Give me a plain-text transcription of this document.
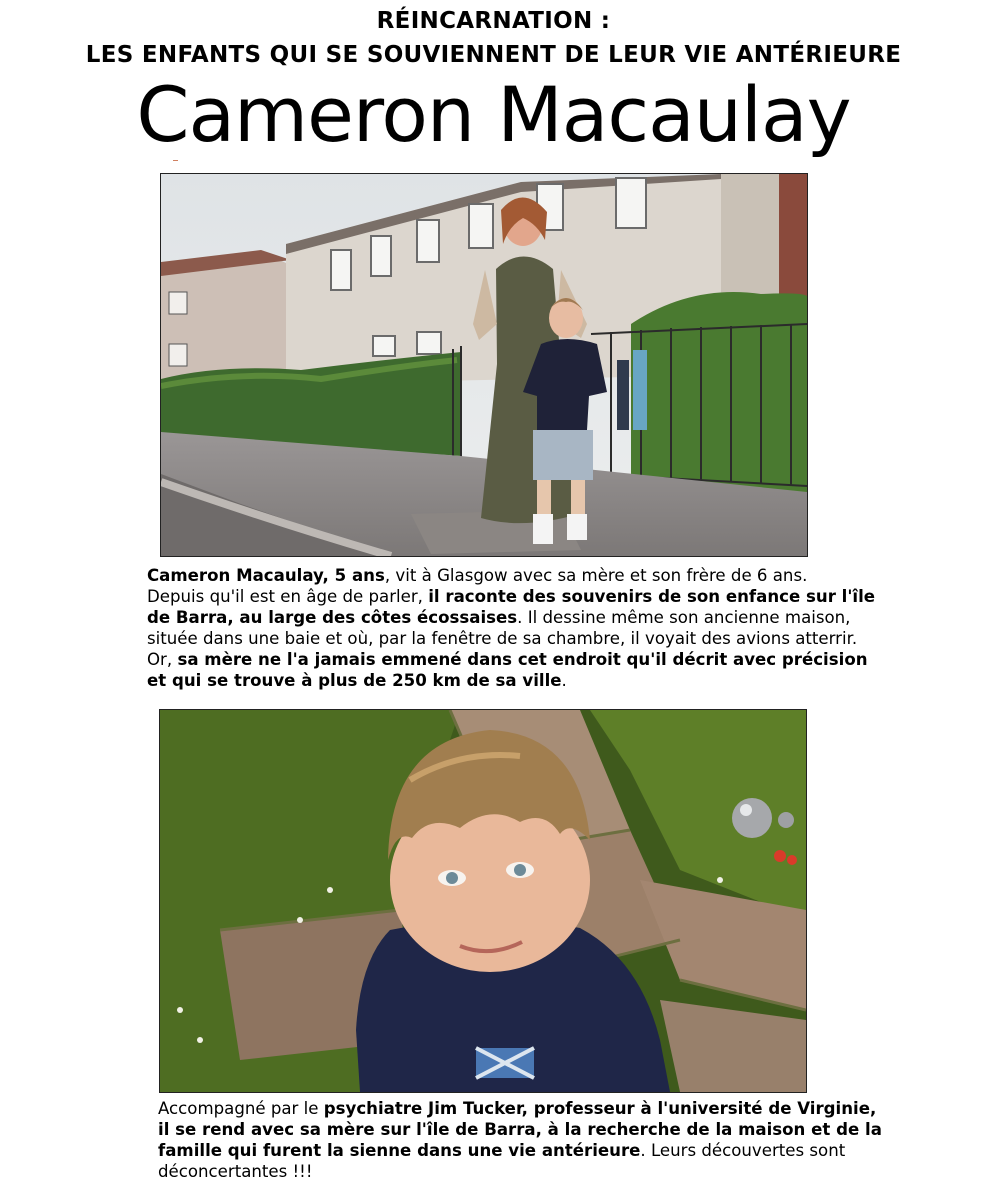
RÉINCARNATION :
LES ENFANTS QUI SE SOUVIENNENT DE LEUR VIE ANTÉRIEURE
Cameron Macaulay
Cameron Macaulay, 5 ans, vit à Glasgow avec sa mère et son frère de 6 ans.
Depuis qu'il est en âge de parler, il raconte des souvenirs de son enfance sur l'île
de Barra, au large des côtes écossaises. Il dessine même son ancienne maison,
située dans une baie et où, par la fenêtre de sa chambre, il voyait des avions atterrir.
Or, sa mère ne l'a jamais emmené dans cet endroit qu'il décrit avec précision
et qui se trouve à plus de 250 km de sa ville.
Accompagné par le psychiatre Jim Tucker, professeur à l'université de Virginie,
il se rend avec sa mère sur l'île de Barra, à la recherche de la maison et de la
famille qui furent la sienne dans une vie antérieure. Leurs découvertes sont
déconcertantes !!!
